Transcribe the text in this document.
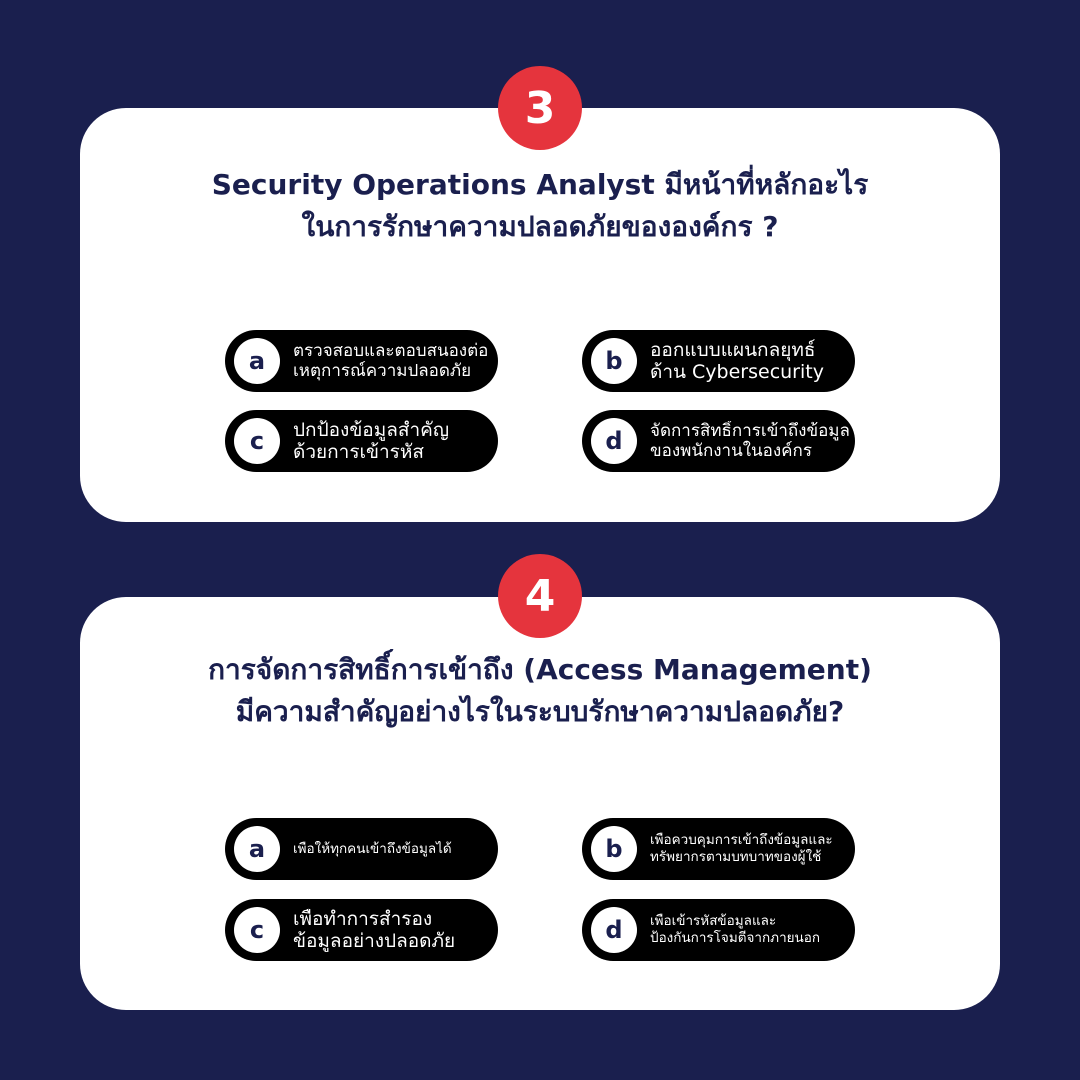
Security Operations Analyst มีหน้าที่หลักอะไร
ในการรักษาความปลอดภัยขององค์กร ?
a	ตรวจสอบและตอบสนองต่อ
เหตุการณ์ความปลอดภัย	b	ออกแบบแผนกลยุทธ์
ด้าน Cybersecurity
c	ปกป้องข้อมูลสำคัญ
ด้วยการเข้ารหัส	d	จัดการสิทธิ์การเข้าถึงข้อมูล
ของพนักงานในองค์กร
3
การจัดการสิทธิ์การเข้าถึง (Access Management)
มีความสำคัญอย่างไรในระบบรักษาความปลอดภัย?
a	เพื่อให้ทุกคนเข้าถึงข้อมูลได้	b	เพื่อควบคุมการเข้าถึงข้อมูลและ
ทรัพยากรตามบทบาทของผู้ใช้
c	เพื่อทำการสำรอง
ข้อมูลอย่างปลอดภัย	d	เพื่อเข้ารหัสข้อมูลและ
ป้องกันการโจมตีจากภายนอก
4
